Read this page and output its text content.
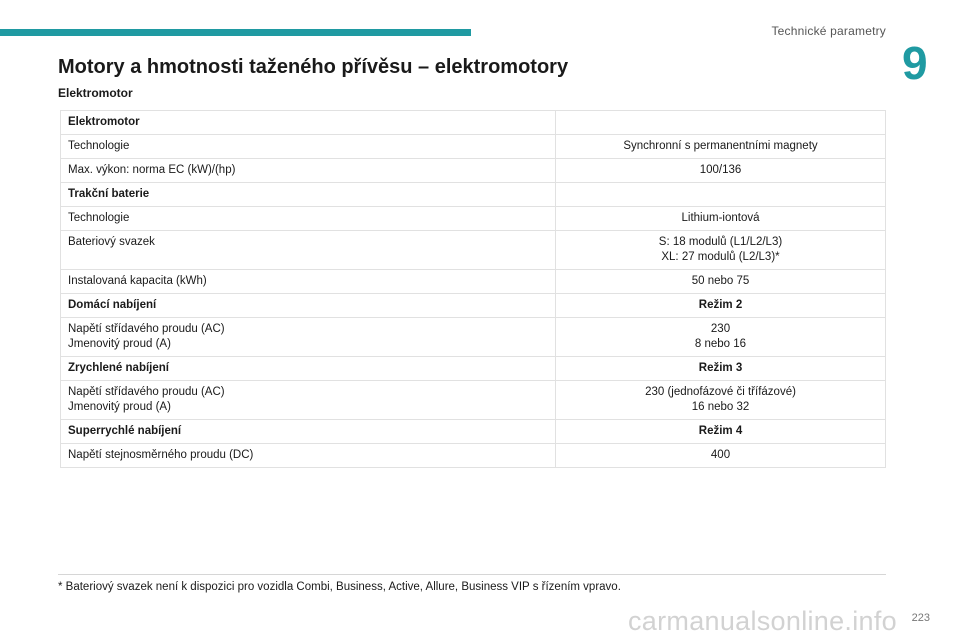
Technické parametry
9
Motory a hmotnosti taženého přívěsu – elektromotory
Elektromotor
Elektromotor	

Technologie	Synchronní s permanentními magnety

Max. výkon: norma EC (kW)/(hp)	100/136

Trakční baterie	

Technologie	Lithium-iontová

Bateriový svazek	S: 18 modulů (L1/L2/L3)
XL: 27 modulů (L2/L3)*

Instalovaná kapacita (kWh)	50 nebo 75

Domácí nabíjení	Režim 2

Napětí střídavého proudu (AC)
Jmenovitý proud (A)	230
8 nebo 16

Zrychlené nabíjení	Režim 3

Napětí střídavého proudu (AC)
Jmenovitý proud (A)	230 (jednofázové či třífázové)
16 nebo 32

Superrychlé nabíjení	Režim 4

Napětí stejnosměrného proudu (DC)	400
* Bateriový svazek není k dispozici pro vozidla Combi, Business, Active, Allure, Business VIP s řízením vpravo.
223
carmanualsonline.info
